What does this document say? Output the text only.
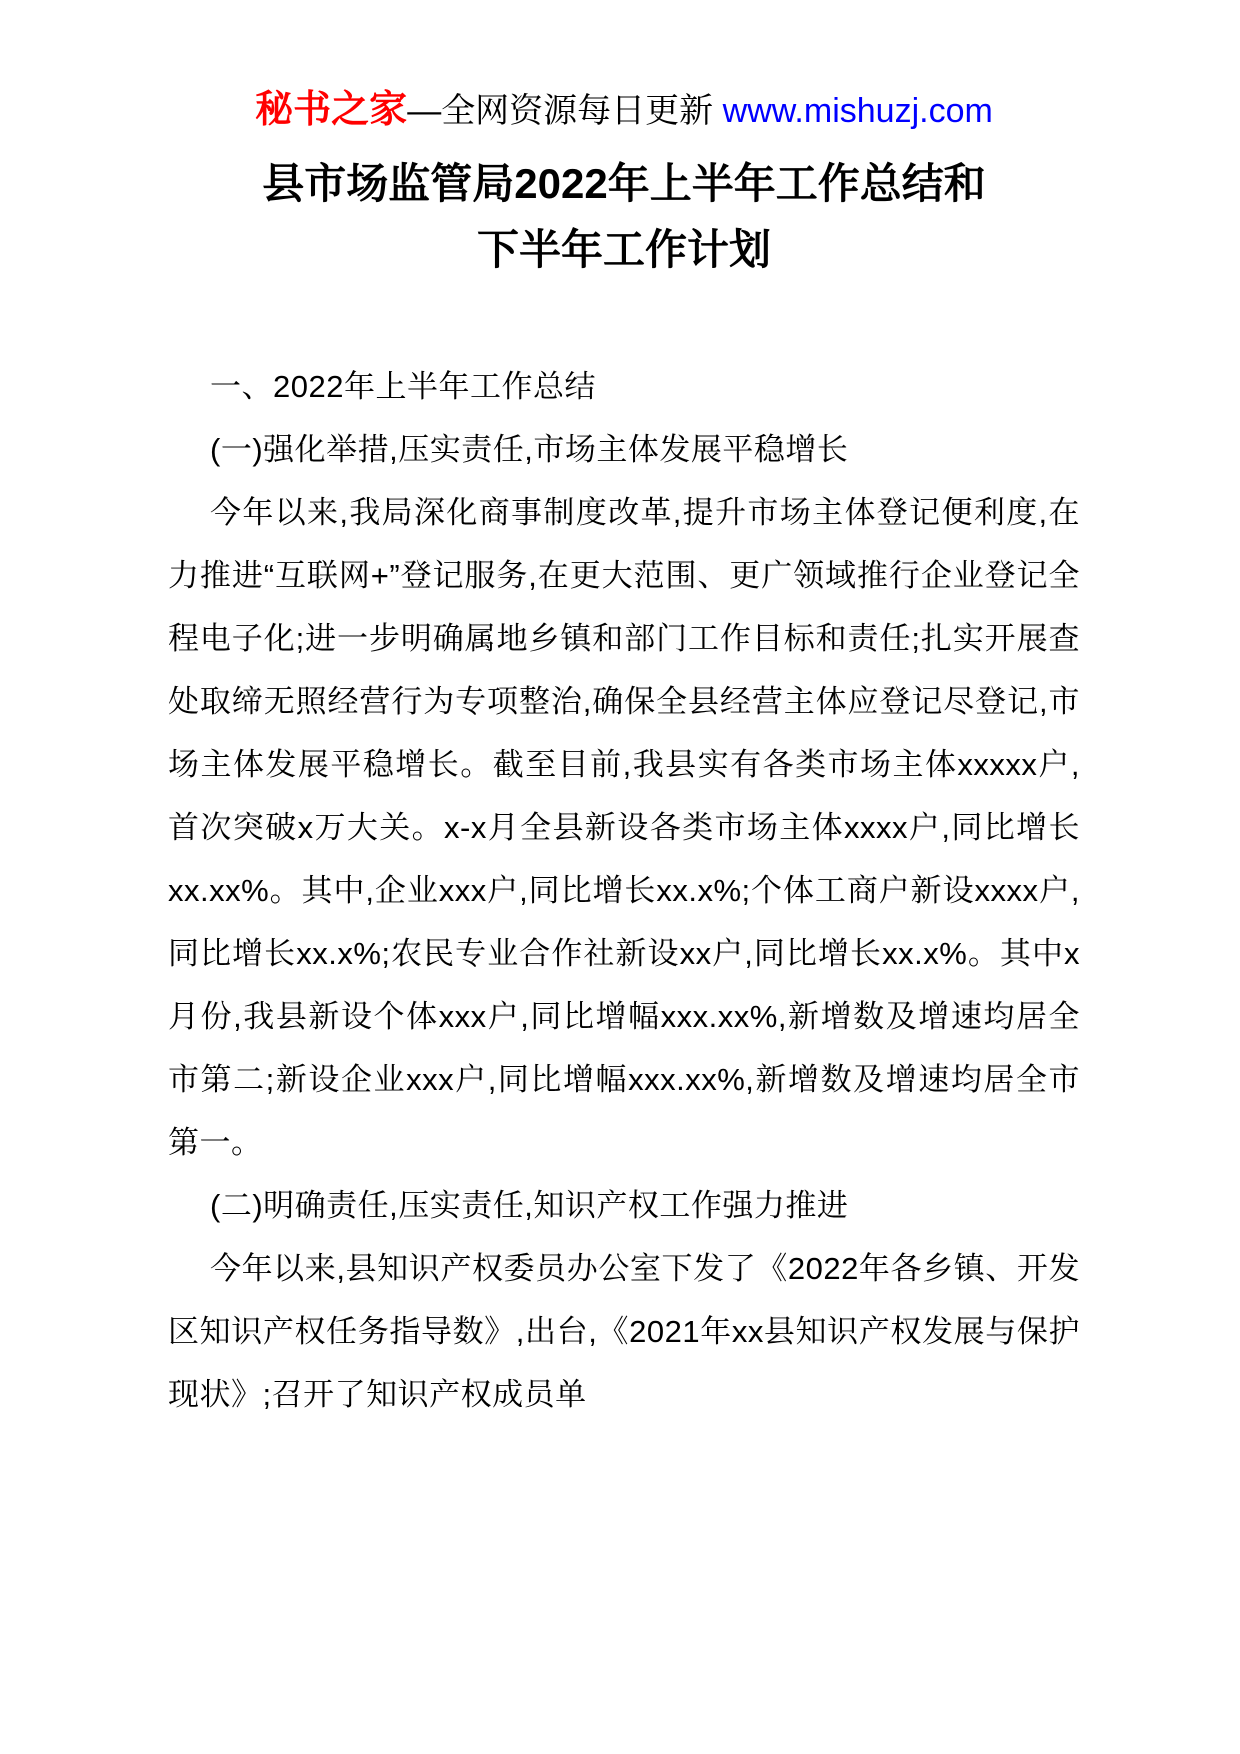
秘书之家—全网资源每日更新 www.mishuzj.com
县市场监管局2022年上半年工作总结和
下半年工作计划

一、2022年上半年工作总结

(一)强化举措,压实责任,市场主体发展平稳增长

今年以来,我局深化商事制度改革,提升市场主体登记便利度,在力推进“互联网+”登记服务,在更大范围、更广领域推行企业登记全程电子化;进一步明确属地乡镇和部门工作目标和责任;扎实开展查处取缔无照经营行为专项整治,确保全县经营主体应登记尽登记,市场主体发展平稳增长。截至目前,我县实有各类市场主体xxxxx户,首次突破x万大关。x-x月全县新设各类市场主体xxxx户,同比增长xx.xx%。其中,企业xxx户,同比增长xx.x%;个体工商户新设xxxx户,同比增长xx.x%;农民专业合作社新设xx户,同比增长xx.x%。其中x月份,我县新设个体xxx户,同比增幅xxx.xx%,新增数及增速均居全市第二;新设企业xxx户,同比增幅xxx.xx%,新增数及增速均居全市第一。

(二)明确责任,压实责任,知识产权工作强力推进

今年以来,县知识产权委员办公室下发了《2022年各乡镇、开发区知识产权任务指导数》,出台,《2021年xx县知识产权发展与保护现状》;召开了知识产权成员单
